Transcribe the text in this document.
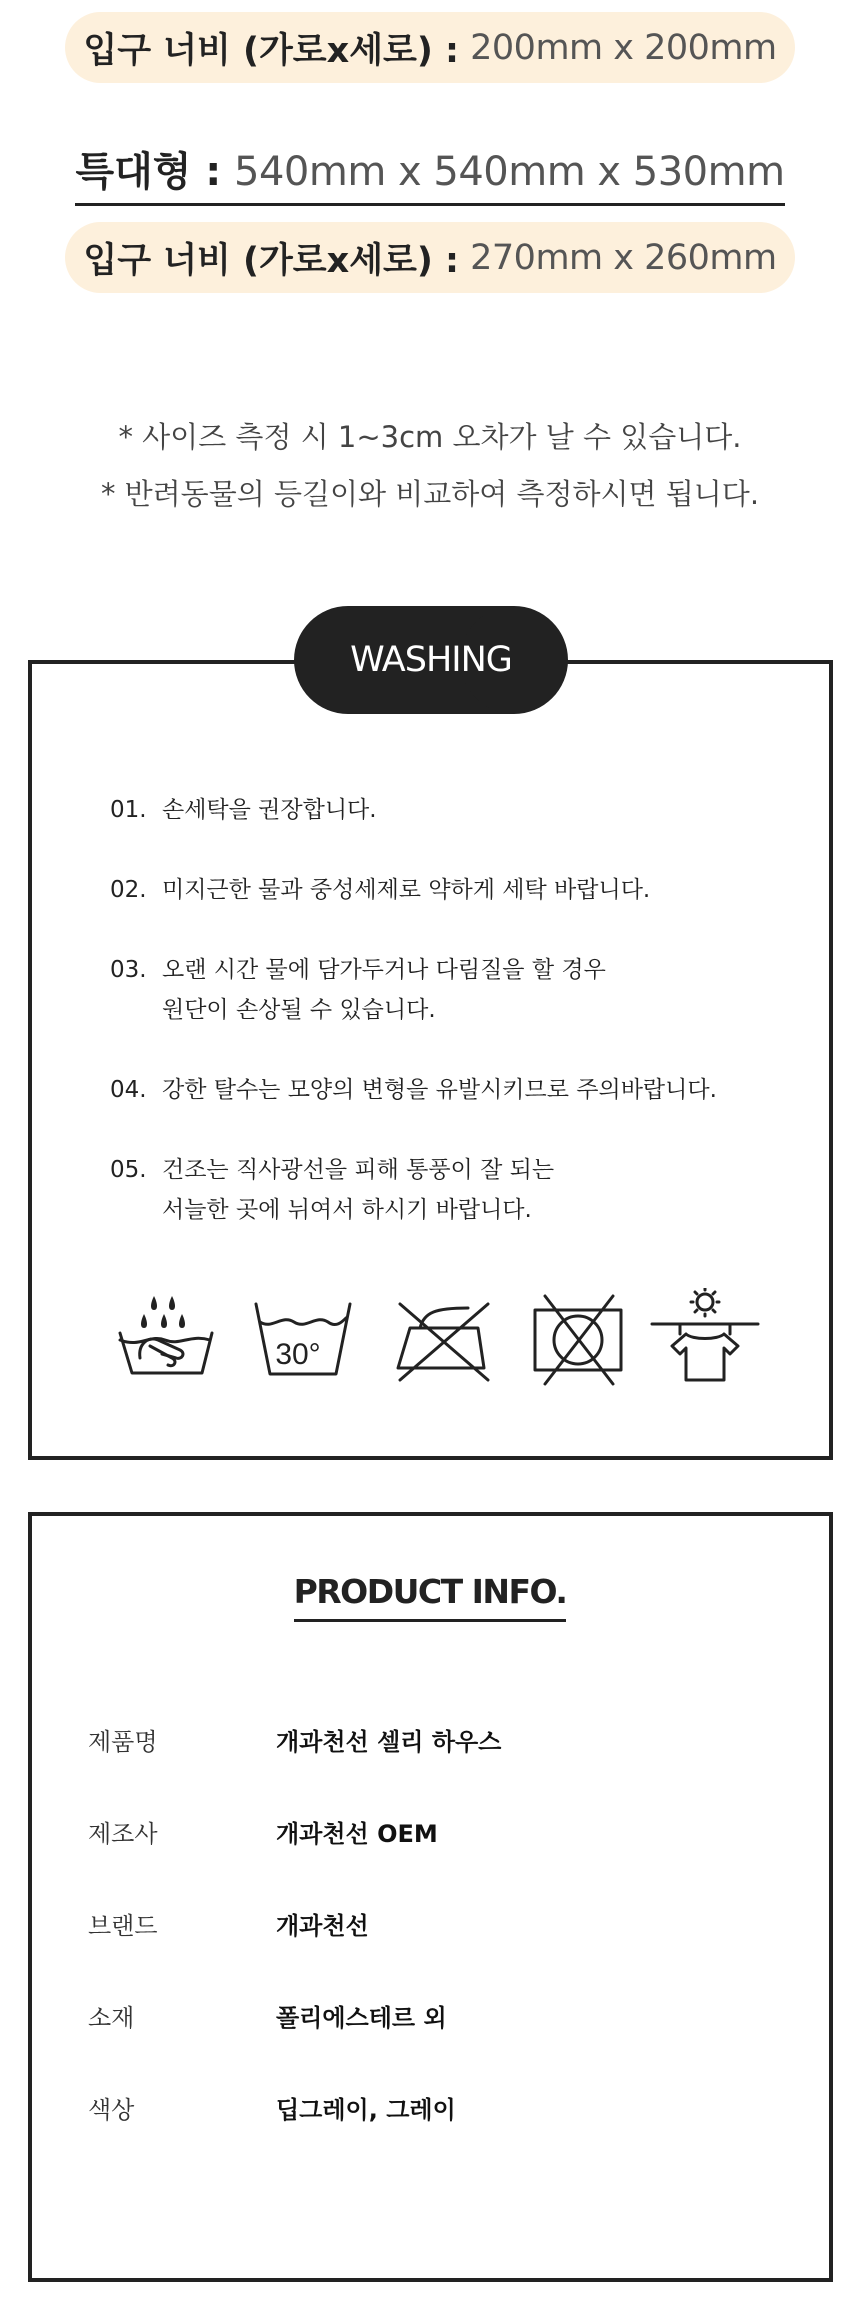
입구 너비 (가로x세로) :
200mm x 200mm
특대형 : 540mm x 540mm x 530mm
입구 너비 (가로x세로) :
270mm x 260mm
* 사이즈 측정 시 1~3cm 오차가 날 수 있습니다.
* 반려동물의 등길이와 비교하여 측정하시면 됩니다.
WASHING
01. 손세탁을 권장합니다.
02. 미지근한 물과 중성세제로 약하게 세탁 바랍니다.
03. 오랜 시간 물에 담가두거나 다림질을 할 경우
원단이 손상될 수 있습니다.
04. 강한 탈수는 모양의 변형을 유발시키므로 주의바랍니다.
05. 건조는 직사광선을 피해 통풍이 잘 되는
서늘한 곳에 뉘여서 하시기 바랍니다.
30°
PRODUCT INFO.
제품명	개과천선 셀리 하우스
제조사	개과천선 OEM
브랜드	개과천선
소재	폴리에스테르 외
색상	딥그레이, 그레이
